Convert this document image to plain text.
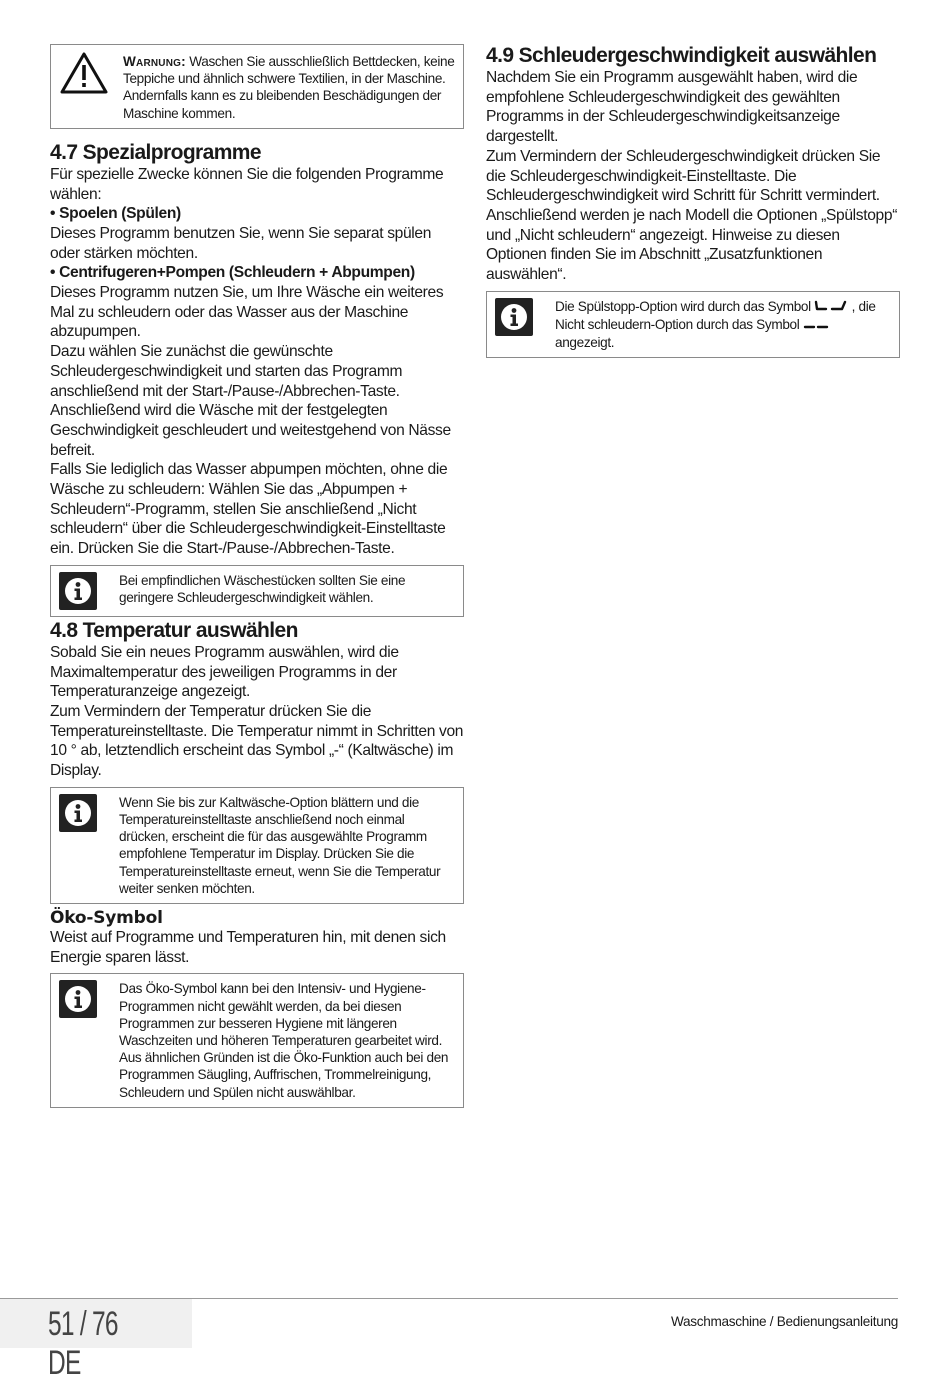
Warnung: Waschen Sie ausschließlich Bettdecken, keine Teppiche und ähnlich schwere Textilien, in der Maschine. Andernfalls kann es zu bleibenden Beschädigungen der Maschine kommen.
4.7 Spezialprogramme

Für spezielle Zwecke können Sie die folgenden Programme wählen:

• Spoelen (Spülen)

Dieses Programm benutzen Sie, wenn Sie separat spülen oder stärken möchten.

• Centrifugeren+Pompen (Schleudern + Abpumpen)

Dieses Programm nutzen Sie, um Ihre Wäsche ein weiteres Mal zu schleudern oder das Wasser aus der Maschine abzupumpen.

Dazu wählen Sie zunächst die gewünschte Schleudergeschwindigkeit und starten das Programm anschließend mit der Start-/Pause-/Abbrechen-Taste.

Anschließend wird die Wäsche mit der festgelegten Geschwindigkeit geschleudert und weitestgehend von Nässe befreit.

Falls Sie lediglich das Wasser abpumpen möchten, ohne die Wäsche zu schleudern: Wählen Sie das „Abpumpen + Schleudern“-Programm, stellen Sie anschließend „Nicht schleudern“ über die Schleudergeschwindigkeit-Einstelltaste ein. Drücken Sie die Start-/Pause-/Abbrechen-Taste.

Bei empfindlichen Wäschestücken sollten Sie eine geringere Schleudergeschwindigkeit wählen.
4.8 Temperatur auswählen

Sobald Sie ein neues Programm auswählen, wird die Maximaltemperatur des jeweiligen Programms in der Temperaturanzeige angezeigt.

Zum Vermindern der Temperatur drücken Sie die Temperatureinstelltaste. Die Temperatur nimmt in Schritten von 10 ° ab, letztendlich erscheint das Symbol „-“ (Kaltwäsche) im Display.

Wenn Sie bis zur Kaltwäsche-Option blättern und die Temperatureinstelltaste anschließend noch einmal drücken, erscheint die für das ausgewählte Programm empfohlene Temperatur im Display. Drücken Sie die Temperatureinstelltaste erneut, wenn Sie die Temperatur weiter senken möchten.
Öko-Symbol

Weist auf Programme und Temperaturen hin, mit denen sich Energie sparen lässt.

Das Öko-Symbol kann bei den Intensiv- und Hygiene-Programmen nicht gewählt werden, da bei diesen Programmen zur besseren Hygiene mit längeren Waschzeiten und höheren Temperaturen gearbeitet wird. Aus ähnlichen Gründen ist die Öko-Funktion auch bei den Programmen Säugling, Auffrischen, Trommelreinigung, Schleudern und Spülen nicht auswählbar.
4.9 Schleudergeschwindigkeit auswählen

Nachdem Sie ein Programm ausgewählt haben, wird die empfohlene Schleudergeschwindigkeit des gewählten Programms in der Schleudergeschwindigkeitsanzeige dargestellt.

Zum Vermindern der Schleudergeschwindigkeit drücken Sie die Schleudergeschwindigkeit-Einstelltaste. Die Schleudergeschwindigkeit wird Schritt für Schritt vermindert. Anschließend werden je nach Modell die Optionen „Spülstopp“ und „Nicht schleudern“ angezeigt. Hinweise zu diesen Optionen finden Sie im Abschnitt „Zusatzfunktionen auswählen“.

Die Spülstopp-Option wird durch das Symbol	, die Nicht schleudern-Option durch das Symbol  angezeigt.
51 / 76 DE
Waschmaschine / Bedienungsanleitung
